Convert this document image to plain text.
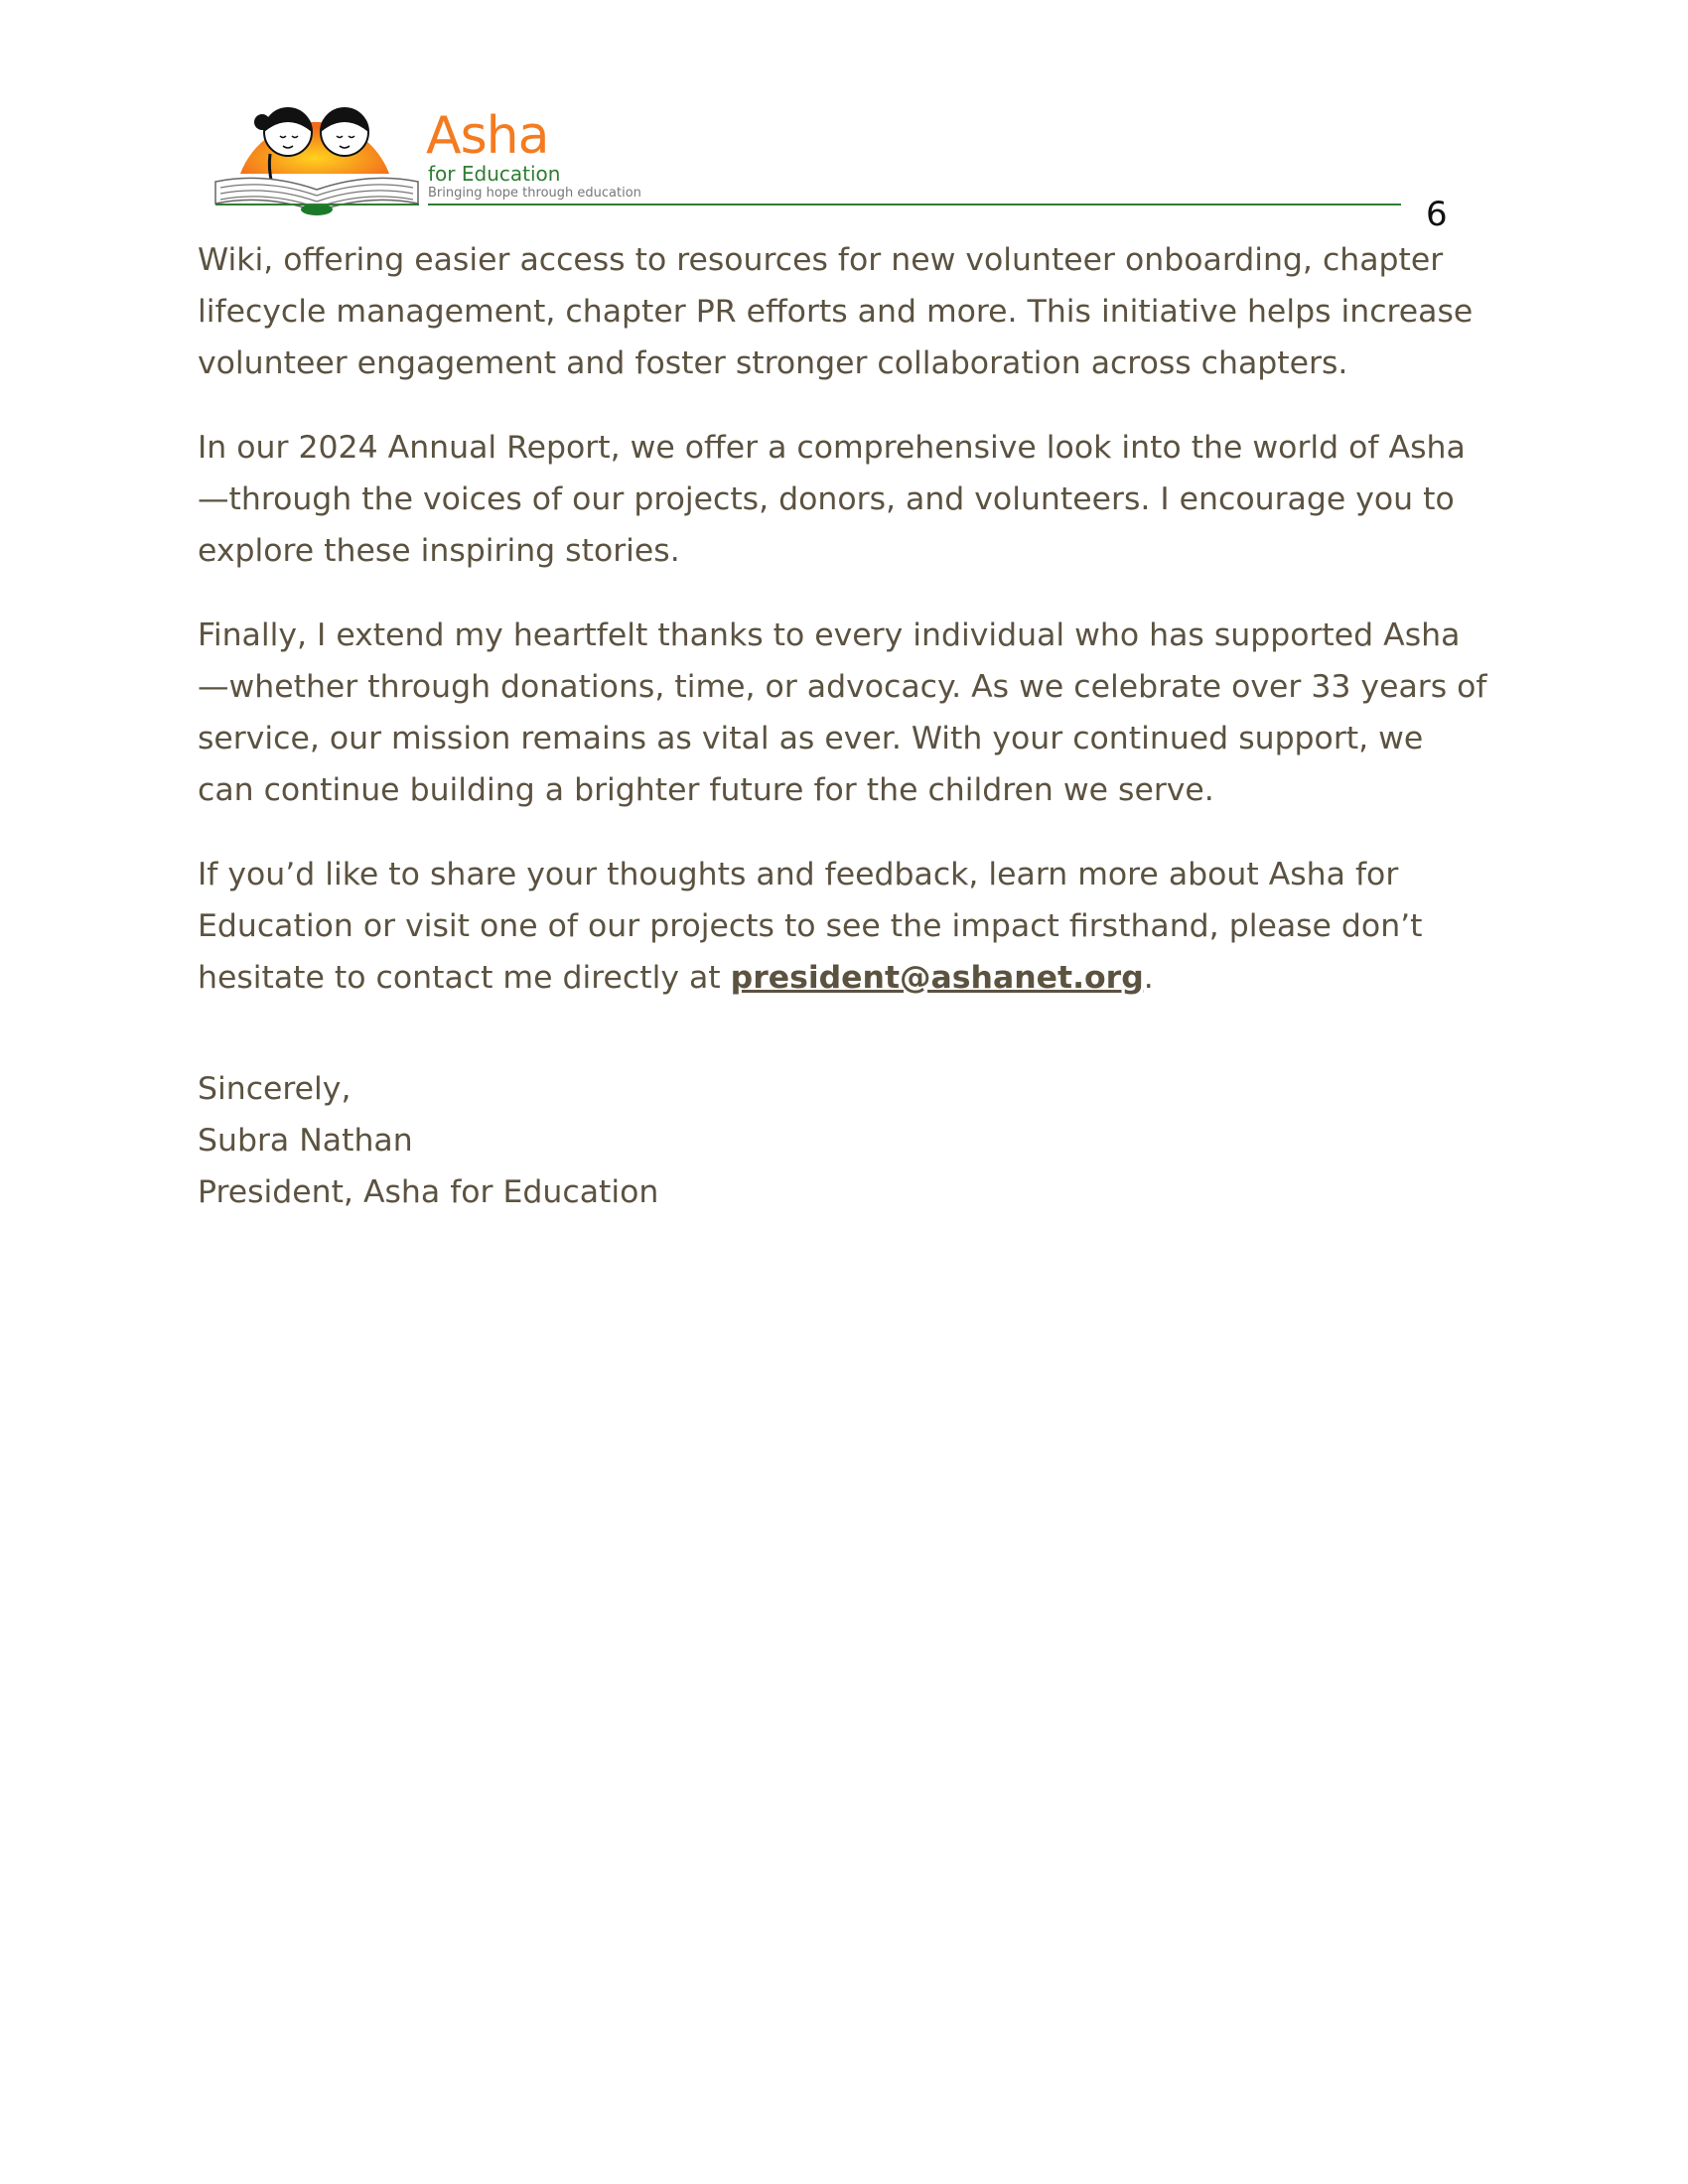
Asha
for Education
Bringing hope through education
6

Wiki, offering easier access to resources for new volunteer onboarding, chapter lifecycle management, chapter PR efforts and more. This initiative helps increase volunteer engagement and foster stronger collaboration across chapters.

In our 2024 Annual Report, we offer a comprehensive look into the world of Asha—through the voices of our projects, donors, and volunteers. I encourage you to explore these inspiring stories.

Finally, I extend my heartfelt thanks to every individual who has supported Asha—whether through donations, time, or advocacy. As we celebrate over 33 years of service, our mission remains as vital as ever. With your continued support, we can continue building a brighter future for the children we serve.

If you’d like to share your thoughts and feedback, learn more about Asha for Education or visit one of our projects to see the impact firsthand, please don’t hesitate to contact me directly at president@ashanet.org.

Sincerely,
Subra Nathan
President, Asha for Education
